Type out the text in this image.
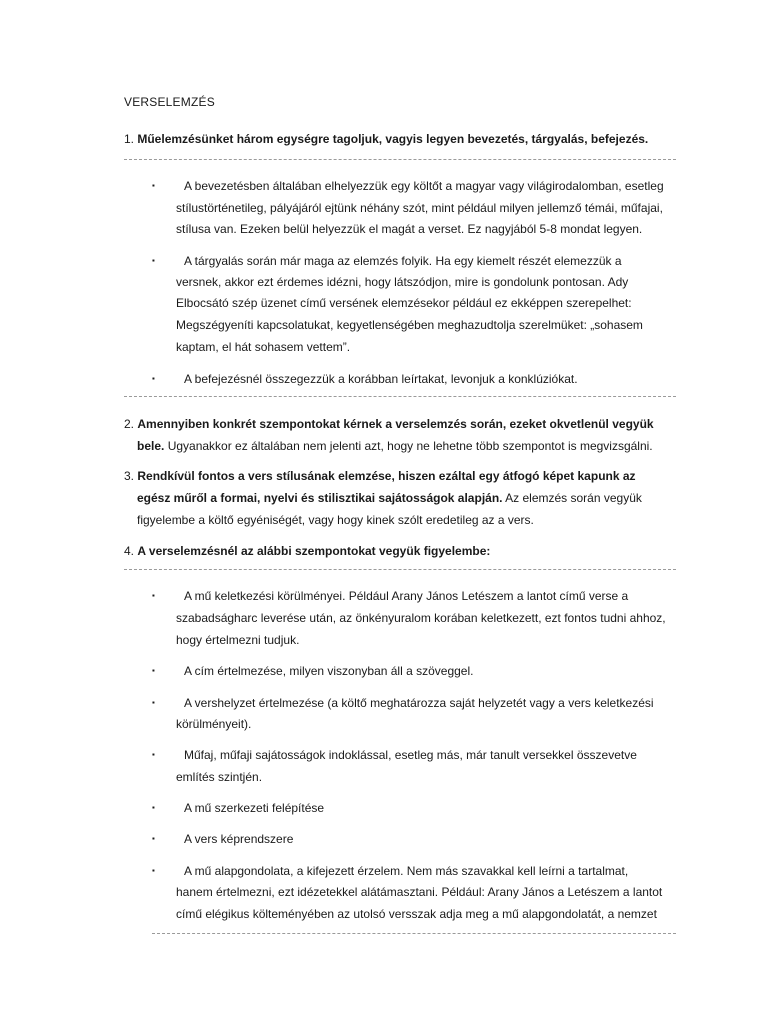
VERSELEMZÉS
1. Műelemzésünket három egységre tagoljuk, vagyis legyen bevezetés, tárgyalás, befejezés.
▪ A bevezetésben általában elhelyezzük egy költőt a magyar vagy világirodalomban, esetleg
stílustörténetileg, pályájáról ejtünk néhány szót, mint például milyen jellemző témái, műfajai,
stílusa van. Ezeken belül helyezzük el magát a verset. Ez nagyjából 5-8 mondat legyen.
▪ A tárgyalás során már maga az elemzés folyik. Ha egy kiemelt részét elemezzük a
versnek, akkor ezt érdemes idézni, hogy látszódjon, mire is gondolunk pontosan. Ady
Elbocsátó szép üzenet című versének elemzésekor például ez ekképpen szerepelhet:
Megszégyeníti kapcsolatukat, kegyetlenségében meghazudtolja szerelmüket: „sohasem
kaptam, el hát sohasem vettem”.
▪ A befejezésnél összegezzük a korábban leírtakat, levonjuk a konklúziókat.
2. Amennyiben konkrét szempontokat kérnek a verselemzés során, ezeket okvetlenül vegyük
bele. Ugyanakkor ez általában nem jelenti azt, hogy ne lehetne több szempontot is megvizsgálni.
3. Rendkívül fontos a vers stílusának elemzése, hiszen ezáltal egy átfogó képet kapunk az
egész műről a formai, nyelvi és stilisztikai sajátosságok alapján. Az elemzés során vegyük
figyelembe a költő egyéniségét, vagy hogy kinek szólt eredetileg az a vers.
4. A verselemzésnél az alábbi szempontokat vegyük figyelembe:
▪ A mű keletkezési körülményei. Például Arany János Letészem a lantot című verse a
szabadságharc leverése után, az önkényuralom korában keletkezett, ezt fontos tudni ahhoz,
hogy értelmezni tudjuk.
▪ A cím értelmezése, milyen viszonyban áll a szöveggel.
▪ A vershelyzet értelmezése (a költő meghatározza saját helyzetét vagy a vers keletkezési
körülményeit).
▪ Műfaj, műfaji sajátosságok indoklással, esetleg más, már tanult versekkel összevetve
említés szintjén.
▪ A mű szerkezeti felépítése
▪ A vers képrendszere
▪ A mű alapgondolata, a kifejezett érzelem. Nem más szavakkal kell leírni a tartalmat,
hanem értelmezni, ezt idézetekkel alátámasztani. Például: Arany János a Letészem a lantot
című elégikus költeményében az utolsó versszak adja meg a mű alapgondolatát, a nemzet
